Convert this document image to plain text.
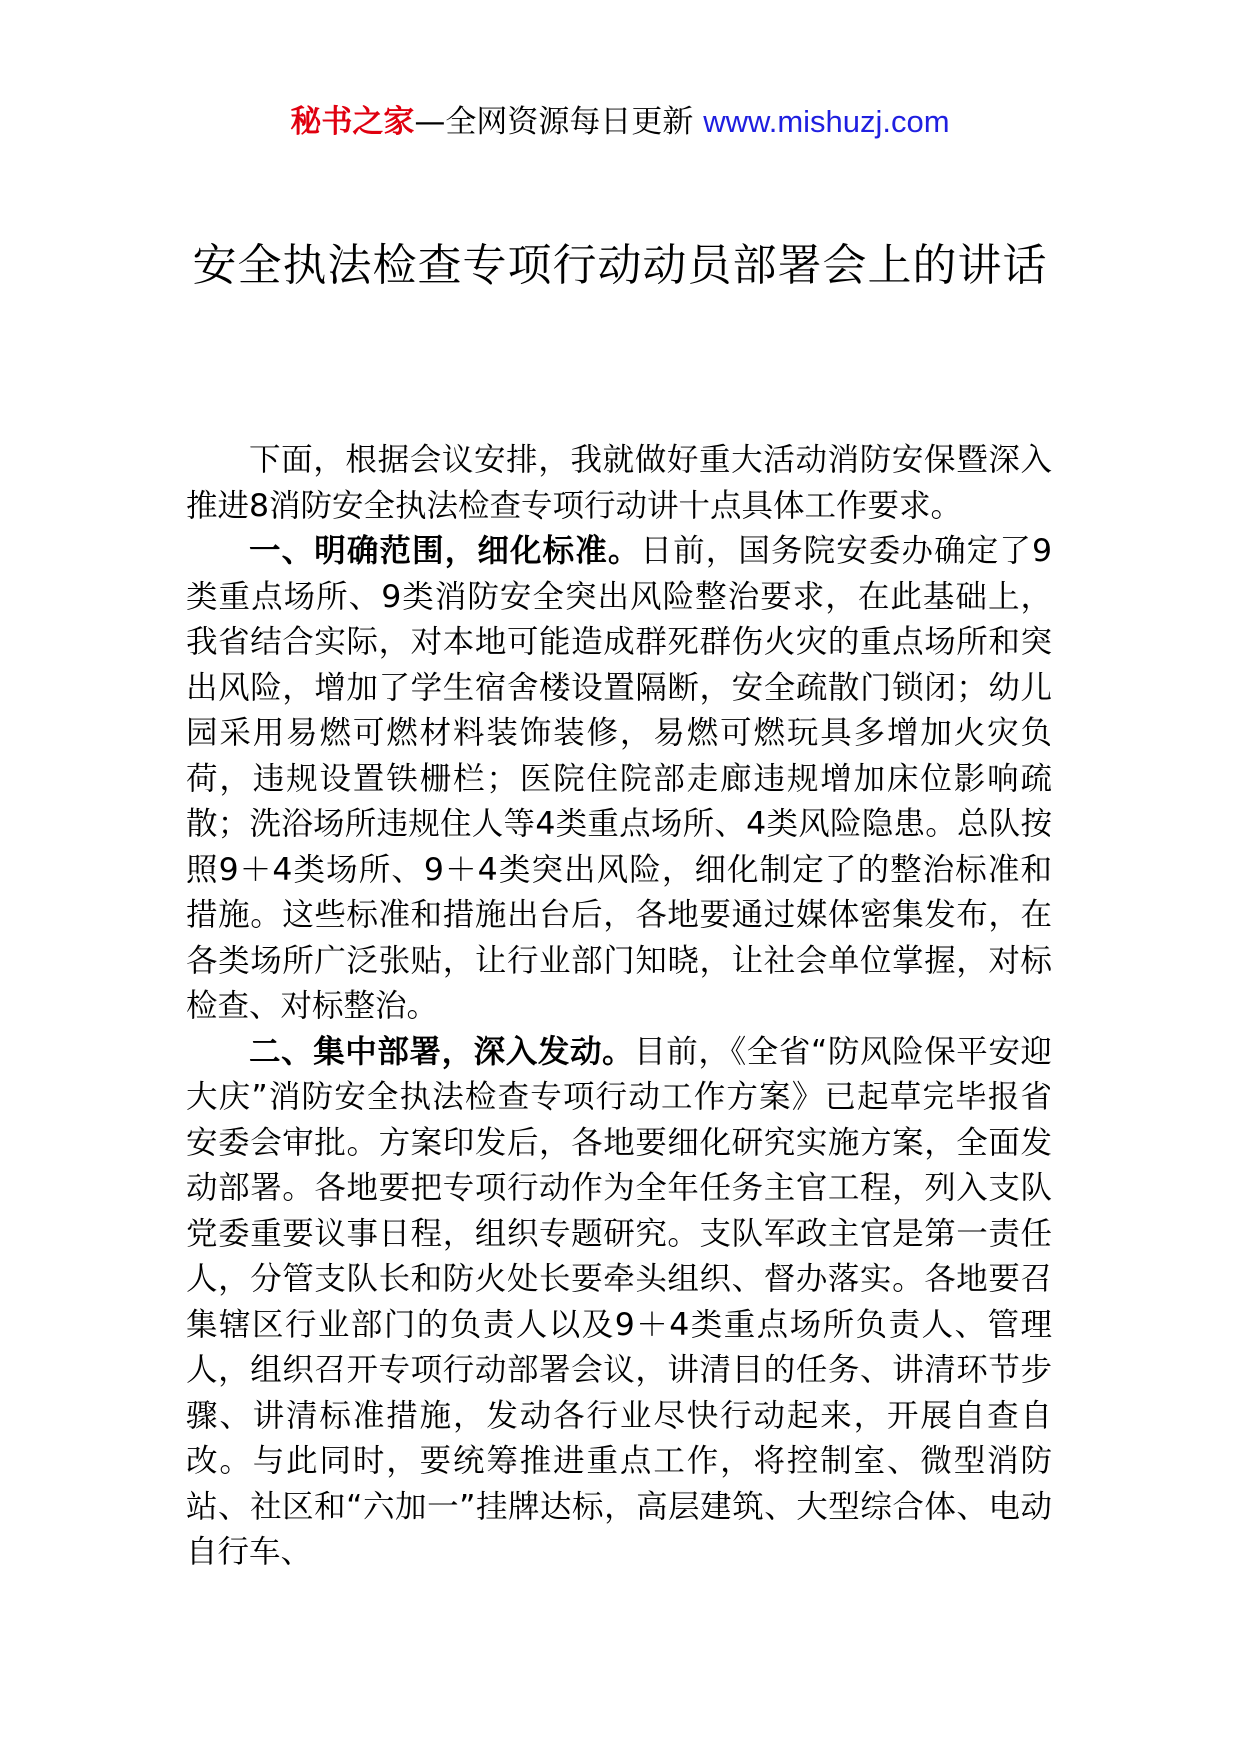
秘书之家—全网资源每日更新 www.mishuzj.com
安全执法检查专项行动动员部署会上的讲话

下面，根据会议安排，我就做好重大活动消防安保暨深入推进8消防安全执法检查专项行动讲十点具体工作要求。

一、明确范围，细化标准。日前，国务院安委办确定了9类重点场所、9类消防安全突出风险整治要求，在此基础上，我省结合实际，对本地可能造成群死群伤火灾的重点场所和突出风险，增加了学生宿舍楼设置隔断，安全疏散门锁闭；幼儿园采用易燃可燃材料装饰装修，易燃可燃玩具多增加火灾负荷，违规设置铁栅栏；医院住院部走廊违规增加床位影响疏散；洗浴场所违规住人等4类重点场所、4类风险隐患。总队按照9＋4类场所、9＋4类突出风险，细化制定了的整治标准和措施。这些标准和措施出台后，各地要通过媒体密集发布，在各类场所广泛张贴，让行业部门知晓，让社会单位掌握，对标检查、对标整治。

二、集中部署，深入发动。目前，《全省“防风险保平安迎大庆”消防安全执法检查专项行动工作方案》已起草完毕报省安委会审批。方案印发后，各地要细化研究实施方案，全面发动部署。各地要把专项行动作为全年任务主官工程，列入支队党委重要议事日程，组织专题研究。支队军政主官是第一责任人，分管支队长和防火处长要牵头组织、督办落实。各地要召集辖区行业部门的负责人以及9＋4类重点场所负责人、管理人，组织召开专项行动部署会议，讲清目的任务、讲清环节步骤、讲清标准措施，发动各行业尽快行动起来，开展自查自改。与此同时，要统筹推进重点工作，将控制室、微型消防站、社区和“六加一”挂牌达标，高层建筑、大型综合体、电动自行车、
